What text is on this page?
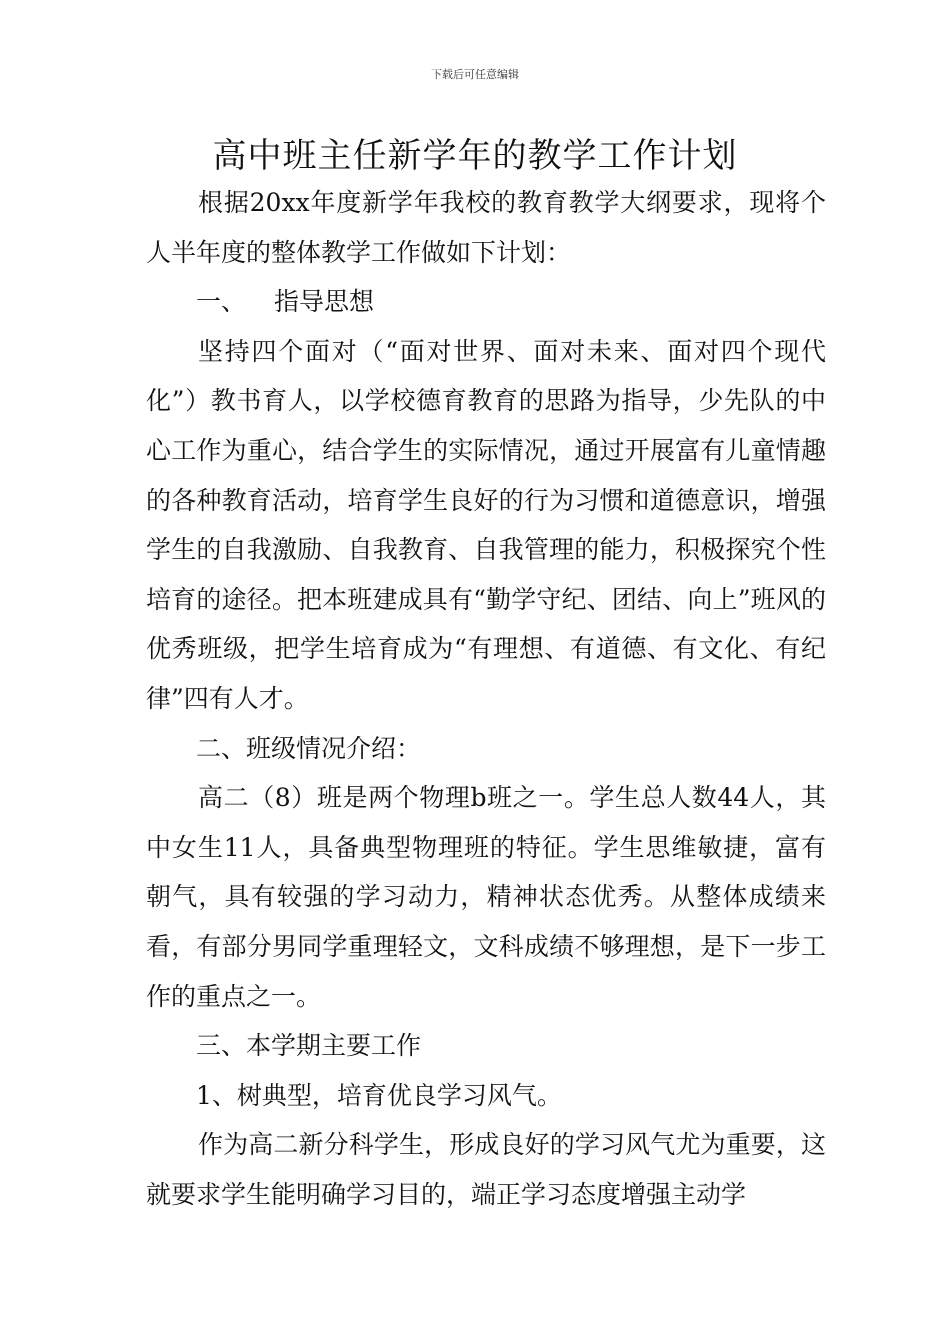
下载后可任意编辑
高中班主任新学年的教学工作计划

根据20xx年度新学年我校的教育教学大纲要求，现将个人半年度的整体教学工作做如下计划：

一、 指导思想

坚持四个面对（“面对世界、面对未来、面对四个现代化”）教书育人，以学校德育教育的思路为指导，少先队的中心工作为重心，结合学生的实际情况，通过开展富有儿童情趣的各种教育活动，培育学生良好的行为习惯和道德意识，增强学生的自我激励、自我教育、自我管理的能力，积极探究个性培育的途径。把本班建成具有“勤学守纪、团结、向上”班风的优秀班级，把学生培育成为“有理想、有道德、有文化、有纪律”四有人才。

二、班级情况介绍：

高二（8）班是两个物理b班之一。学生总人数44人，其中女生11人，具备典型物理班的特征。学生思维敏捷，富有朝气，具有较强的学习动力，精神状态优秀。从整体成绩来看，有部分男同学重理轻文，文科成绩不够理想，是下一步工作的重点之一。

三、本学期主要工作

1、树典型，培育优良学习风气。

作为高二新分科学生，形成良好的学习风气尤为重要，这就要求学生能明确学习目的，端正学习态度增强主动学
